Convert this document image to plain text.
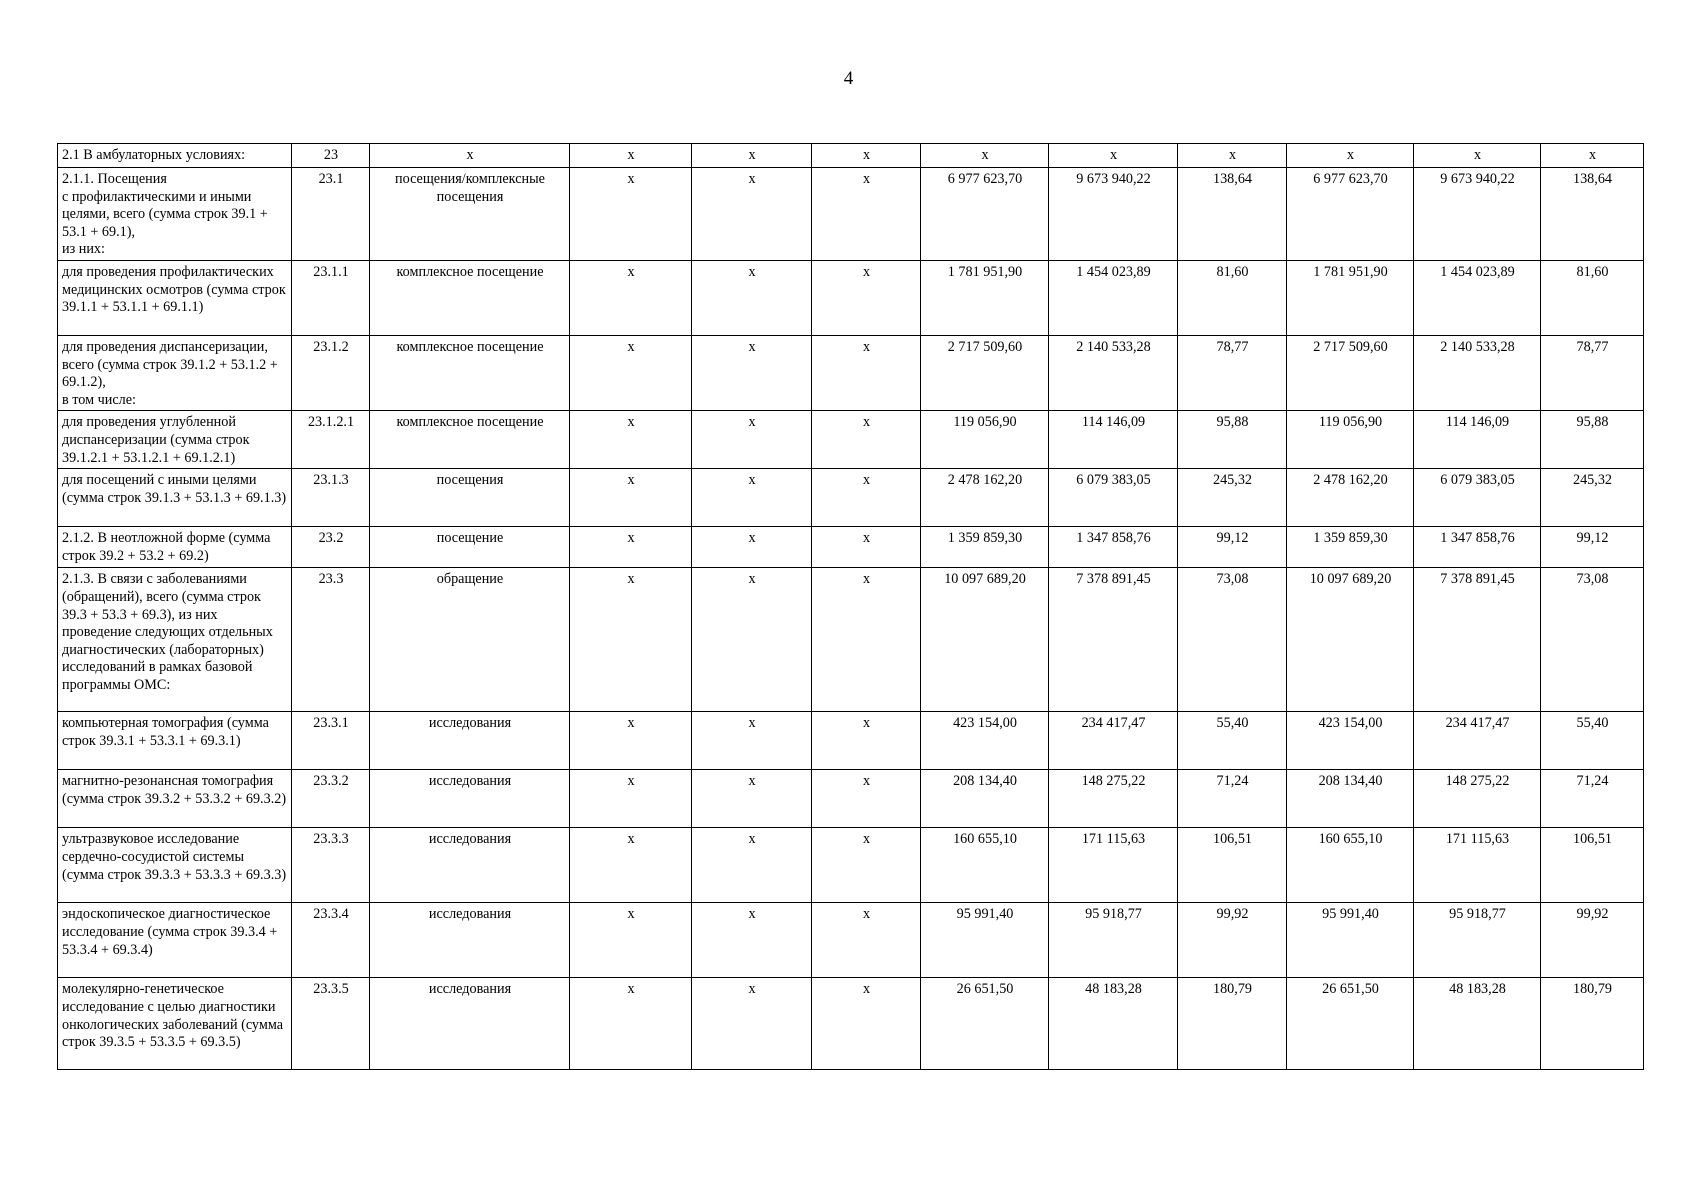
4
2.1 В амбулаторных условиях:	23	х	х	х	х	х	х	х	х	х	х
2.1.1. Посещения
с профилактическими и иными целями, всего (сумма строк 39.1 + 53.1 + 69.1),
из них:	23.1	посещения/комплексные посещения	х	х	х	6 977 623,70	9 673 940,22	138,64	6 977 623,70	9 673 940,22	138,64
для проведения профилактических медицинских осмотров (сумма строк 39.1.1 + 53.1.1 + 69.1.1)	23.1.1	комплексное посещение	х	х	х	1 781 951,90	1 454 023,89	81,60	1 781 951,90	1 454 023,89	81,60
для проведения диспансеризации, всего (сумма строк 39.1.2 + 53.1.2 + 69.1.2),
в том числе:	23.1.2	комплексное посещение	х	х	х	2 717 509,60	2 140 533,28	78,77	2 717 509,60	2 140 533,28	78,77
для проведения углубленной диспансеризации (сумма строк 39.1.2.1 + 53.1.2.1 + 69.1.2.1)	23.1.2.1	комплексное посещение	х	х	х	119 056,90	114 146,09	95,88	119 056,90	114 146,09	95,88
для посещений с иными целями (сумма строк 39.1.3 + 53.1.3 + 69.1.3)	23.1.3	посещения	х	х	х	2 478 162,20	6 079 383,05	245,32	2 478 162,20	6 079 383,05	245,32
2.1.2. В неотложной форме (сумма строк 39.2 + 53.2 + 69.2)	23.2	посещение	х	х	х	1 359 859,30	1 347 858,76	99,12	1 359 859,30	1 347 858,76	99,12
2.1.3. В связи с заболеваниями (обращений), всего (сумма строк 39.3 + 53.3 + 69.3), из них проведение следующих отдельных диагностических (лабораторных) исследований в рамках базовой программы ОМС:	23.3	обращение	х	х	х	10 097 689,20	7 378 891,45	73,08	10 097 689,20	7 378 891,45	73,08
компьютерная томография (сумма строк 39.3.1 + 53.3.1 + 69.3.1)	23.3.1	исследования	х	х	х	423 154,00	234 417,47	55,40	423 154,00	234 417,47	55,40
магнитно-резонансная томография (сумма строк 39.3.2 + 53.3.2 + 69.3.2)	23.3.2	исследования	х	х	х	208 134,40	148 275,22	71,24	208 134,40	148 275,22	71,24
ультразвуковое исследование сердечно-сосудистой системы (сумма строк 39.3.3 + 53.3.3 + 69.3.3)	23.3.3	исследования	х	х	х	160 655,10	171 115,63	106,51	160 655,10	171 115,63	106,51
эндоскопическое диагностическое исследование (сумма строк 39.3.4 + 53.3.4 + 69.3.4)	23.3.4	исследования	х	х	х	95 991,40	95 918,77	99,92	95 991,40	95 918,77	99,92
молекулярно-генетическое исследование с целью диагностики онкологических заболеваний (сумма строк 39.3.5 + 53.3.5 + 69.3.5)	23.3.5	исследования	х	х	х	26 651,50	48 183,28	180,79	26 651,50	48 183,28	180,79
